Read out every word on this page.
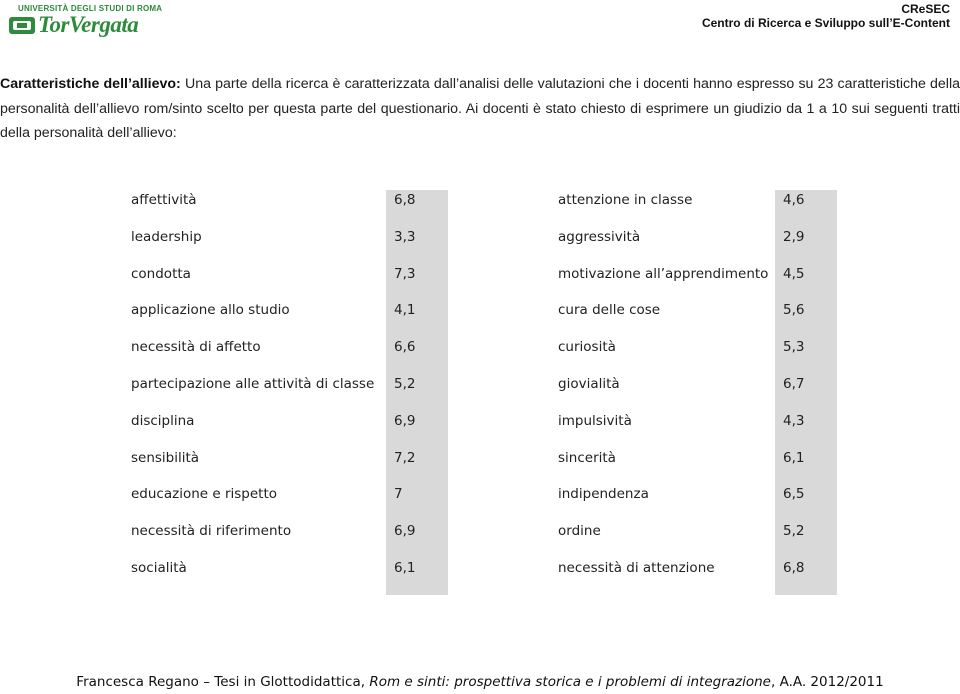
UNIVERSITÀ DEGLI STUDI DI ROMA
TorVergata
CReSEC
Centro di Ricerca e Sviluppo sull’E-Content
Caratteristiche dell’allievo: Una parte della ricerca è caratterizzata dall’analisi delle valutazioni che i docenti hanno espresso su 23 caratteristiche della personalità dell’allievo rom/sinto scelto per questa parte del questionario. Ai docenti è stato chiesto di esprimere un giudizio da 1 a 10 sui seguenti tratti della personalità dell’allievo:
affettività	6,8
leadership	3,3
condotta	7,3
applicazione allo studio	4,1
necessità di affetto	6,6
partecipazione alle attività di classe 5,2
disciplina	6,9
sensibilità	7,2
educazione e rispetto	7
necessità di riferimento	6,9
socialità	6,1
attenzione in classe	4,6
aggressività	2,9
motivazione all’apprendimento 4,5
cura delle cose	5,6
curiosità	5,3
giovialità	6,7
impulsività	4,3
sincerità	6,1
indipendenza	6,5
ordine	5,2
necessità di attenzione	6,8
Francesca Regano – Tesi in Glottodidattica, Rom e sinti: prospettiva storica e i problemi di integrazione, A.A. 2012/2011
